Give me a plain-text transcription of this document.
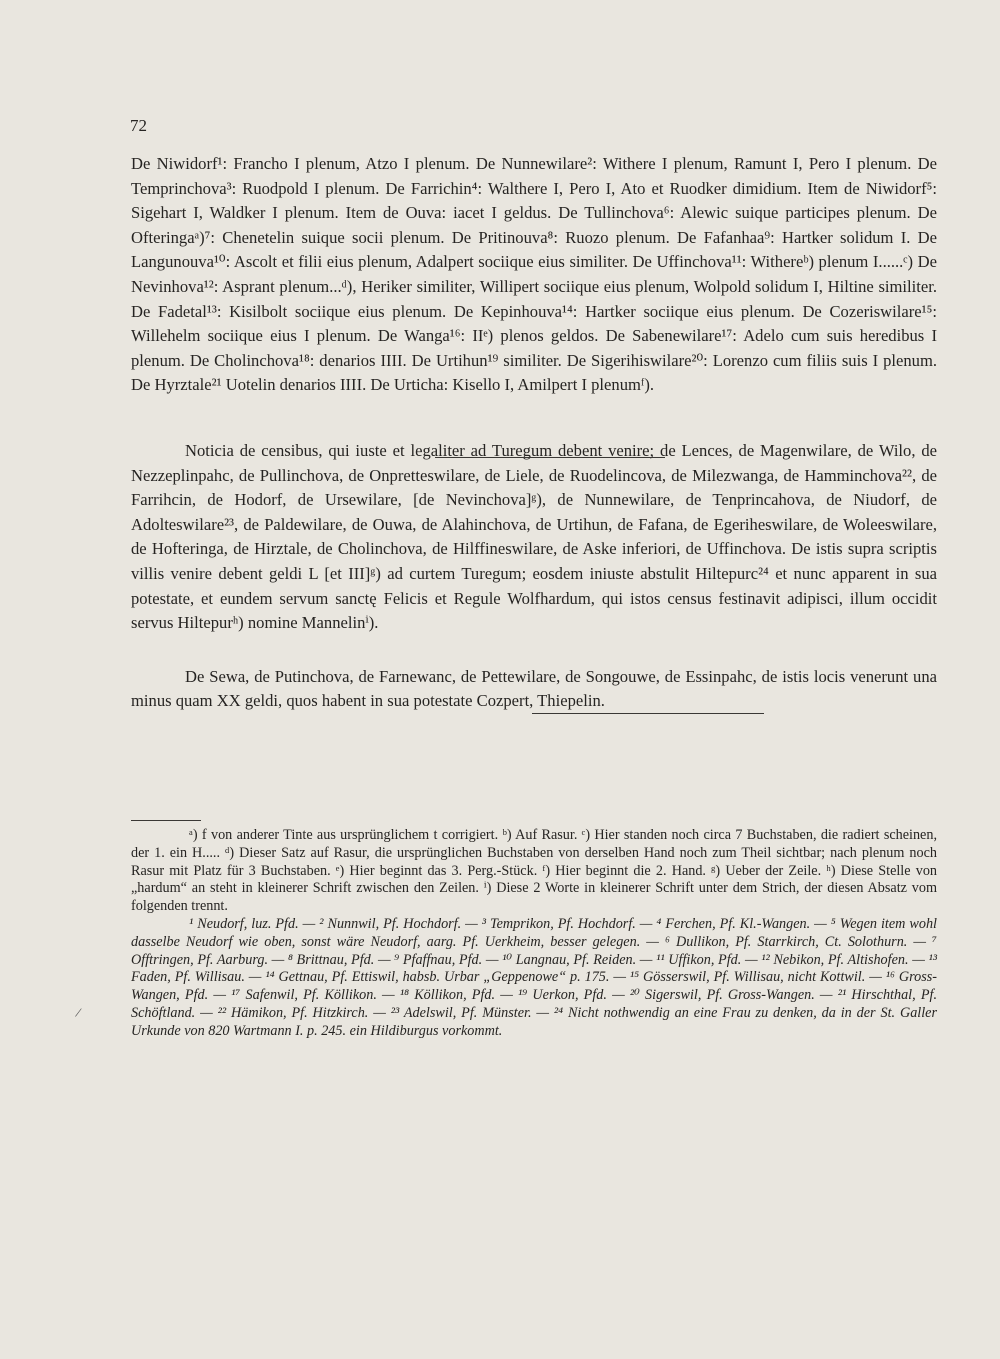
72

De Niwidorf¹: Francho I plenum, Atzo I plenum. De Nunnewilare²: Withere I plenum, Ramunt I, Pero I plenum. De Temprinchova³: Ruodpold I plenum. De Farrichin⁴: Walthere I, Pero I, Ato et Ruodker dimidium. Item de Niwidorf⁵: Sigehart I, Waldker I plenum. Item de Ouva: iacet I geldus. De Tullinchova⁶: Alewic suique participes plenum. De Ofteringaᵃ)⁷: Chenetelin suique socii plenum. De Pritinouva⁸: Ruozo plenum. De Fafanhaa⁹: Hartker solidum I. De Langunouva¹⁰: Ascolt et filii eius plenum, Adalpert sociique eius similiter. De Uffinchova¹¹: Withereᵇ) plenum I......ᶜ) De Nevinhova¹²: Asprant plenum...ᵈ), Heriker similiter, Willipert sociique eius plenum, Wolpold solidum I, Hiltine similiter. De Fadetal¹³: Kisilbolt sociique eius plenum. De Kepinhouva¹⁴: Hartker sociique eius plenum. De Cozeriswilare¹⁵: Willehelm sociique eius I plenum. De Wanga¹⁶: IIᵉ) plenos geldos. De Sabenewilare¹⁷: Adelo cum suis heredibus I plenum. De Cholinchova¹⁸: denarios IIII. De Urtihun¹⁹ similiter. De Sigerihiswilare²⁰: Lorenzo cum filiis suis I plenum. De Hyrztale²¹ Uotelin denarios IIII. De Urticha: Kisello I, Amilpert I plenumᶠ).

Noticia de censibus, qui iuste et legaliter ad Turegum debent venire; de Lences, de Magenwilare, de Wilo, de Nezzeplinpahc, de Pullinchova, de Onpretteswilare, de Liele, de Ruodelincova, de Milezwanga, de Hamminchova²², de Farrihcin, de Hodorf, de Ursewilare, [de Nevinchova]ᵍ), de Nunnewilare, de Tenprincahova, de Niudorf, de Adolteswilare²³, de Paldewilare, de Ouwa, de Alahinchova, de Urtihun, de Fafana, de Egeriheswilare, de Woleeswilare, de Hofteringa, de Hirztale, de Cholinchova, de Hilffineswilare, de Aske inferiori, de Uffinchova. De istis supra scriptis villis venire debent geldi L [et III]ᵍ) ad curtem Turegum; eosdem iniuste abstulit Hiltepurc²⁴ et nunc apparent in sua potestate, et eundem servum sanctę Felicis et Regule Wolfhardum, qui istos census festinavit adipisci, illum occidit servus Hiltepurʰ) nomine Mannelinⁱ).

De Sewa, de Putinchova, de Farnewanc, de Pettewilare, de Songouwe, de Essinpahc, de istis locis venerunt una minus quam XX geldi, quos habent in sua potestate Cozpert, Thiepelin.

ᵃ) f von anderer Tinte aus ursprünglichem t corrigiert. ᵇ) Auf Rasur. ᶜ) Hier standen noch circa 7 Buchstaben, die radiert scheinen, der 1. ein H..... ᵈ) Dieser Satz auf Rasur, die ursprünglichen Buchstaben von derselben Hand noch zum Theil sichtbar; nach plenum noch Rasur mit Platz für 3 Buchstaben. ᵉ) Hier beginnt das 3. Perg.-Stück. ᶠ) Hier beginnt die 2. Hand. ᵍ) Ueber der Zeile. ʰ) Diese Stelle von „hardum“ an steht in kleinerer Schrift zwischen den Zeilen. ⁱ) Diese 2 Worte in kleinerer Schrift unter dem Strich, der diesen Absatz vom folgenden trennt.

¹ Neudorf, luz. Pfd. — ² Nunnwil, Pf. Hochdorf. — ³ Temprikon, Pf. Hochdorf. — ⁴ Ferchen, Pf. Kl.-Wangen. — ⁵ Wegen item wohl dasselbe Neudorf wie oben, sonst wäre Neudorf, aarg. Pf. Uerkheim, besser gelegen. — ⁶ Dullikon, Pf. Starrkirch, Ct. Solothurn. — ⁷ Offtringen, Pf. Aarburg. — ⁸ Brittnau, Pfd. — ⁹ Pfaffnau, Pfd. — ¹⁰ Langnau, Pf. Reiden. — ¹¹ Uffikon, Pfd. — ¹² Nebikon, Pf. Altishofen. — ¹³ Faden, Pf. Willisau. — ¹⁴ Gettnau, Pf. Ettiswil, habsb. Urbar „Geppenowe“ p. 175. — ¹⁵ Gösserswil, Pf. Willisau, nicht Kottwil. — ¹⁶ Gross-Wangen, Pfd. — ¹⁷ Safenwil, Pf. Köllikon. — ¹⁸ Köllikon, Pfd. — ¹⁹ Uerkon, Pfd. — ²⁰ Sigerswil, Pf. Gross-Wangen. — ²¹ Hirschthal, Pf. Schöftland. — ²² Hämikon, Pf. Hitzkirch. — ²³ Adelswil, Pf. Münster. — ²⁴ Nicht nothwendig an eine Frau zu denken, da in der St. Galler Urkunde von 820 Wartmann I. p. 245. ein Hildiburgus vorkommt.

/
